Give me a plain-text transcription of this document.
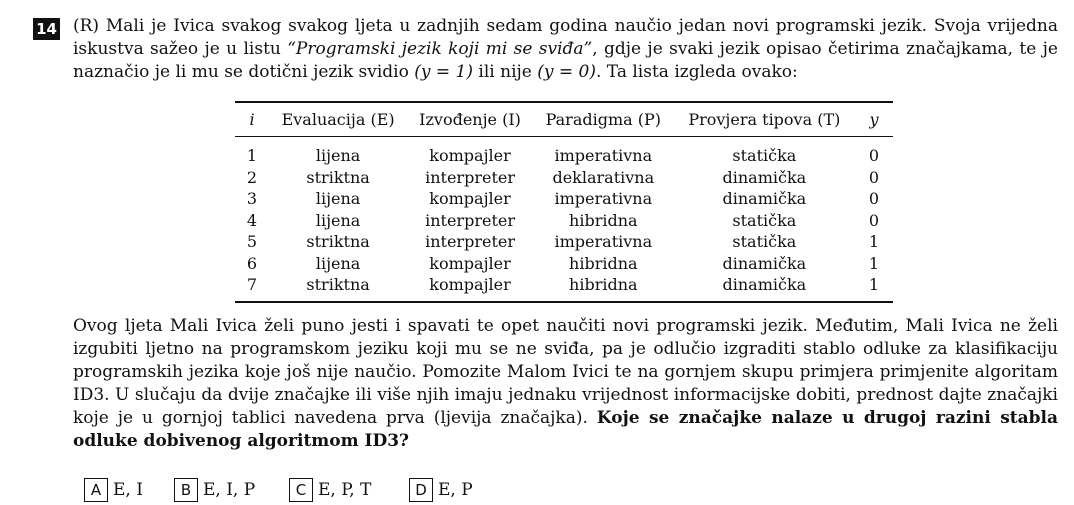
14 (R) Mali je Ivica svakog svakog ljeta u zadnjih sedam godina naučio jedan novi programski jezik. Svoja vrijedna
iskustva sažeo je u listu “Programski jezik koji mi se sviđa”, gdje je svaki jezik opisao četirima značajkama, te je
naznačio je li mu se dotični jezik svidio (y = 1) ili nije (y = 0). Ta lista izgleda ovako:
i	Evaluacija (E)	Izvođenje (I)	Paradigma (P)	Provjera tipova (T)	y
1	lijena	kompajler	imperativna	statička	0
2	striktna	interpreter	deklarativna	dinamička	0
3	lijena	kompajler	imperativna	dinamička	0
4	lijena	interpreter	hibridna	statička	0
5	striktna	interpreter	imperativna	statička	1
6	lijena	kompajler	hibridna	dinamička	1
7	striktna	kompajler	hibridna	dinamička	1
Ovog ljeta Mali Ivica želi puno jesti i spavati te opet naučiti novi programski jezik. Međutim, Mali Ivica ne želi
izgubiti ljetno na programskom jeziku koji mu se ne sviđa, pa je odlučio izgraditi stablo odluke za klasifikaciju
programskih jezika koje još nije naučio. Pomozite Malom Ivici te na gornjem skupu primjera primjenite algoritam
ID3. U slučaju da dvije značajke ili više njih imaju jednaku vrijednost informacijske dobiti, prednost dajte značajki
koje je u gornjoj tablici navedena prva (ljevija značajka). Koje se značajke nalaze u drugoj razini stabla
odluke dobivenog algoritmom ID3?
A E, I	B E, I, P	C E, P, T	D E, P
